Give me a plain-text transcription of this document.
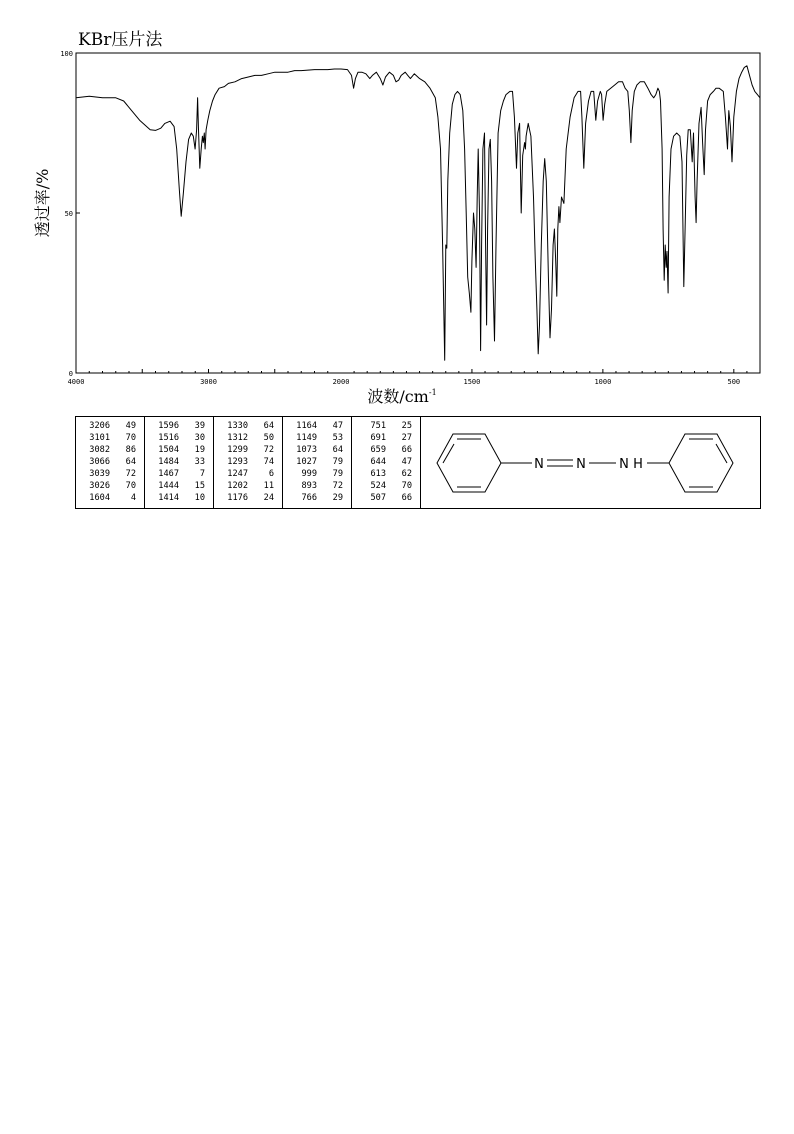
KBr压片法
100
50
0
4000	3000	2000	1500	1000	500
透过率/%
波数$/cm^{-1}$
3206	49
3101	70
3082	86
3066	64
3039	72
3026	70
1604	4
1596	39
1516	30
1504	19
1484	33
1467	7
1444	15
1414	10
1330	64
1312	50
1299	72
1293	74
1247	6
1202	11
1176	24
1164	47
1149	53
1073	64
1027	79
999	79
893	72
766	29
751	25
691	27
659	66
644	47
613	62
524	70
507	66
N N	N H
